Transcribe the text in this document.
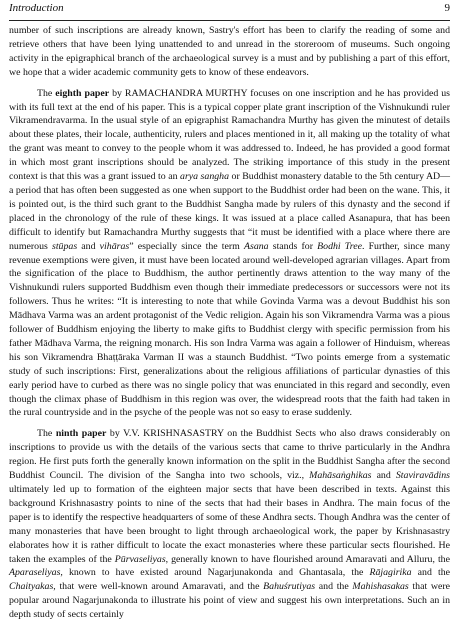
Introduction	9

number of such inscriptions are already known, Sastry's effort has been to clarify the reading of some and retrieve others that have been lying unattended to and unread in the storeroom of museums. Such ongoing activity in the epigraphical branch of the archaeological survey is a must and by publishing a part of this effort, we hope that a wider academic community gets to know of these endeavors.

The eighth paper by RAMACHANDRA MURTHY focuses on one inscription and he has provided us with its full text at the end of his paper. This is a typical copper plate grant inscription of the Vishnukundi ruler Vikramendravarma. In the usual style of an epigraphist Ramachandra Murthy has given the minutest of details about these plates, their locale, authenticity, rulers and places mentioned in it, all making up the totality of what the grant was meant to convey to the people whom it was addressed to. Indeed, he has provided a good format in which most grant inscriptions should be analyzed. The striking importance of this study in the present context is that this was a grant issued to an arya sangha or Buddhist monastery datable to the 5th century AD—a period that has often been suggested as one when support to the Buddhist order had been on the wane. This, it is pointed out, is the third such grant to the Buddhist Sangha made by rulers of this dynasty and the second if placed in the chronology of the rule of these kings. It was issued at a place called Asanapura, that has been difficult to identify but Ramachandra Murthy suggests that “it must be identified with a place where there are numerous stūpas and vihāras” especially since the term Asana stands for Bodhi Tree. Further, since many revenue exemptions were given, it must have been located around well-developed agrarian villages. Apart from the signification of the place to Buddhism, the author pertinently draws attention to the way many of the Vishnukundi rulers supported Buddhism even though their immediate predecessors or successors were not its followers. Thus he writes: “It is interesting to note that while Govinda Varma was a devout Buddhist his son Mādhava Varma was an ardent protagonist of the Vedic religion. Again his son Vikramendra Varma was a pious follower of Buddhism enjoying the liberty to make gifts to Buddhist clergy with specific permission from his father Mādhava Varma, the reigning monarch. His son Indra Varma was again a follower of Hinduism, whereas his son Vikramendra Bhaṭṭāraka Varman II was a staunch Buddhist. “Two points emerge from a systematic study of such inscriptions: First, generalizations about the religious affiliations of particular dynasties of this early period have to curbed as there was no single policy that was enunciated in this regard and secondly, even though the climax phase of Buddhism in this region was over, the widespread roots that the faith had taken in the rural countryside and in the psyche of the people was not so easy to erase suddenly.

The ninth paper by V.V. KRISHNASASTRY on the Buddhist Sects who also draws considerably on inscriptions to provide us with the details of the various sects that came to thrive particularly in the Andhra region. He first puts forth the generally known information on the split in the Buddhist Sangha after the second Buddhist Council. The division of the Sangha into two schools, viz., Mahāsaṅghikas and Staviravādins ultimately led up to formation of the eighteen major sects that have been described in texts. Against this background Krishnasastry points to nine of the sects that had their bases in Andhra. The main focus of the paper is to identify the respective headquarters of some of these Andhra sects. Though Andhra was the center of many monasteries that have been brought to light through archaeological work, the paper by Krishnasastry elaborates how it is rather difficult to locate the exact monasteries where these particular sects flourished. He taken the examples of the Pūrvaseliyas, generally known to have flourished around Amaravati and Alluru, the Aparaseliyas, known to have existed around Nagarjunakonda and Ghantasala, the Rājagirika and the Chaityakas, that were well-known around Amaravati, and the Bahuśrutiyas and the Mahishasakas that were popular around Nagarjunakonda to illustrate his point of view and suggest his own interpretations. Such an in depth study of sects certainly
